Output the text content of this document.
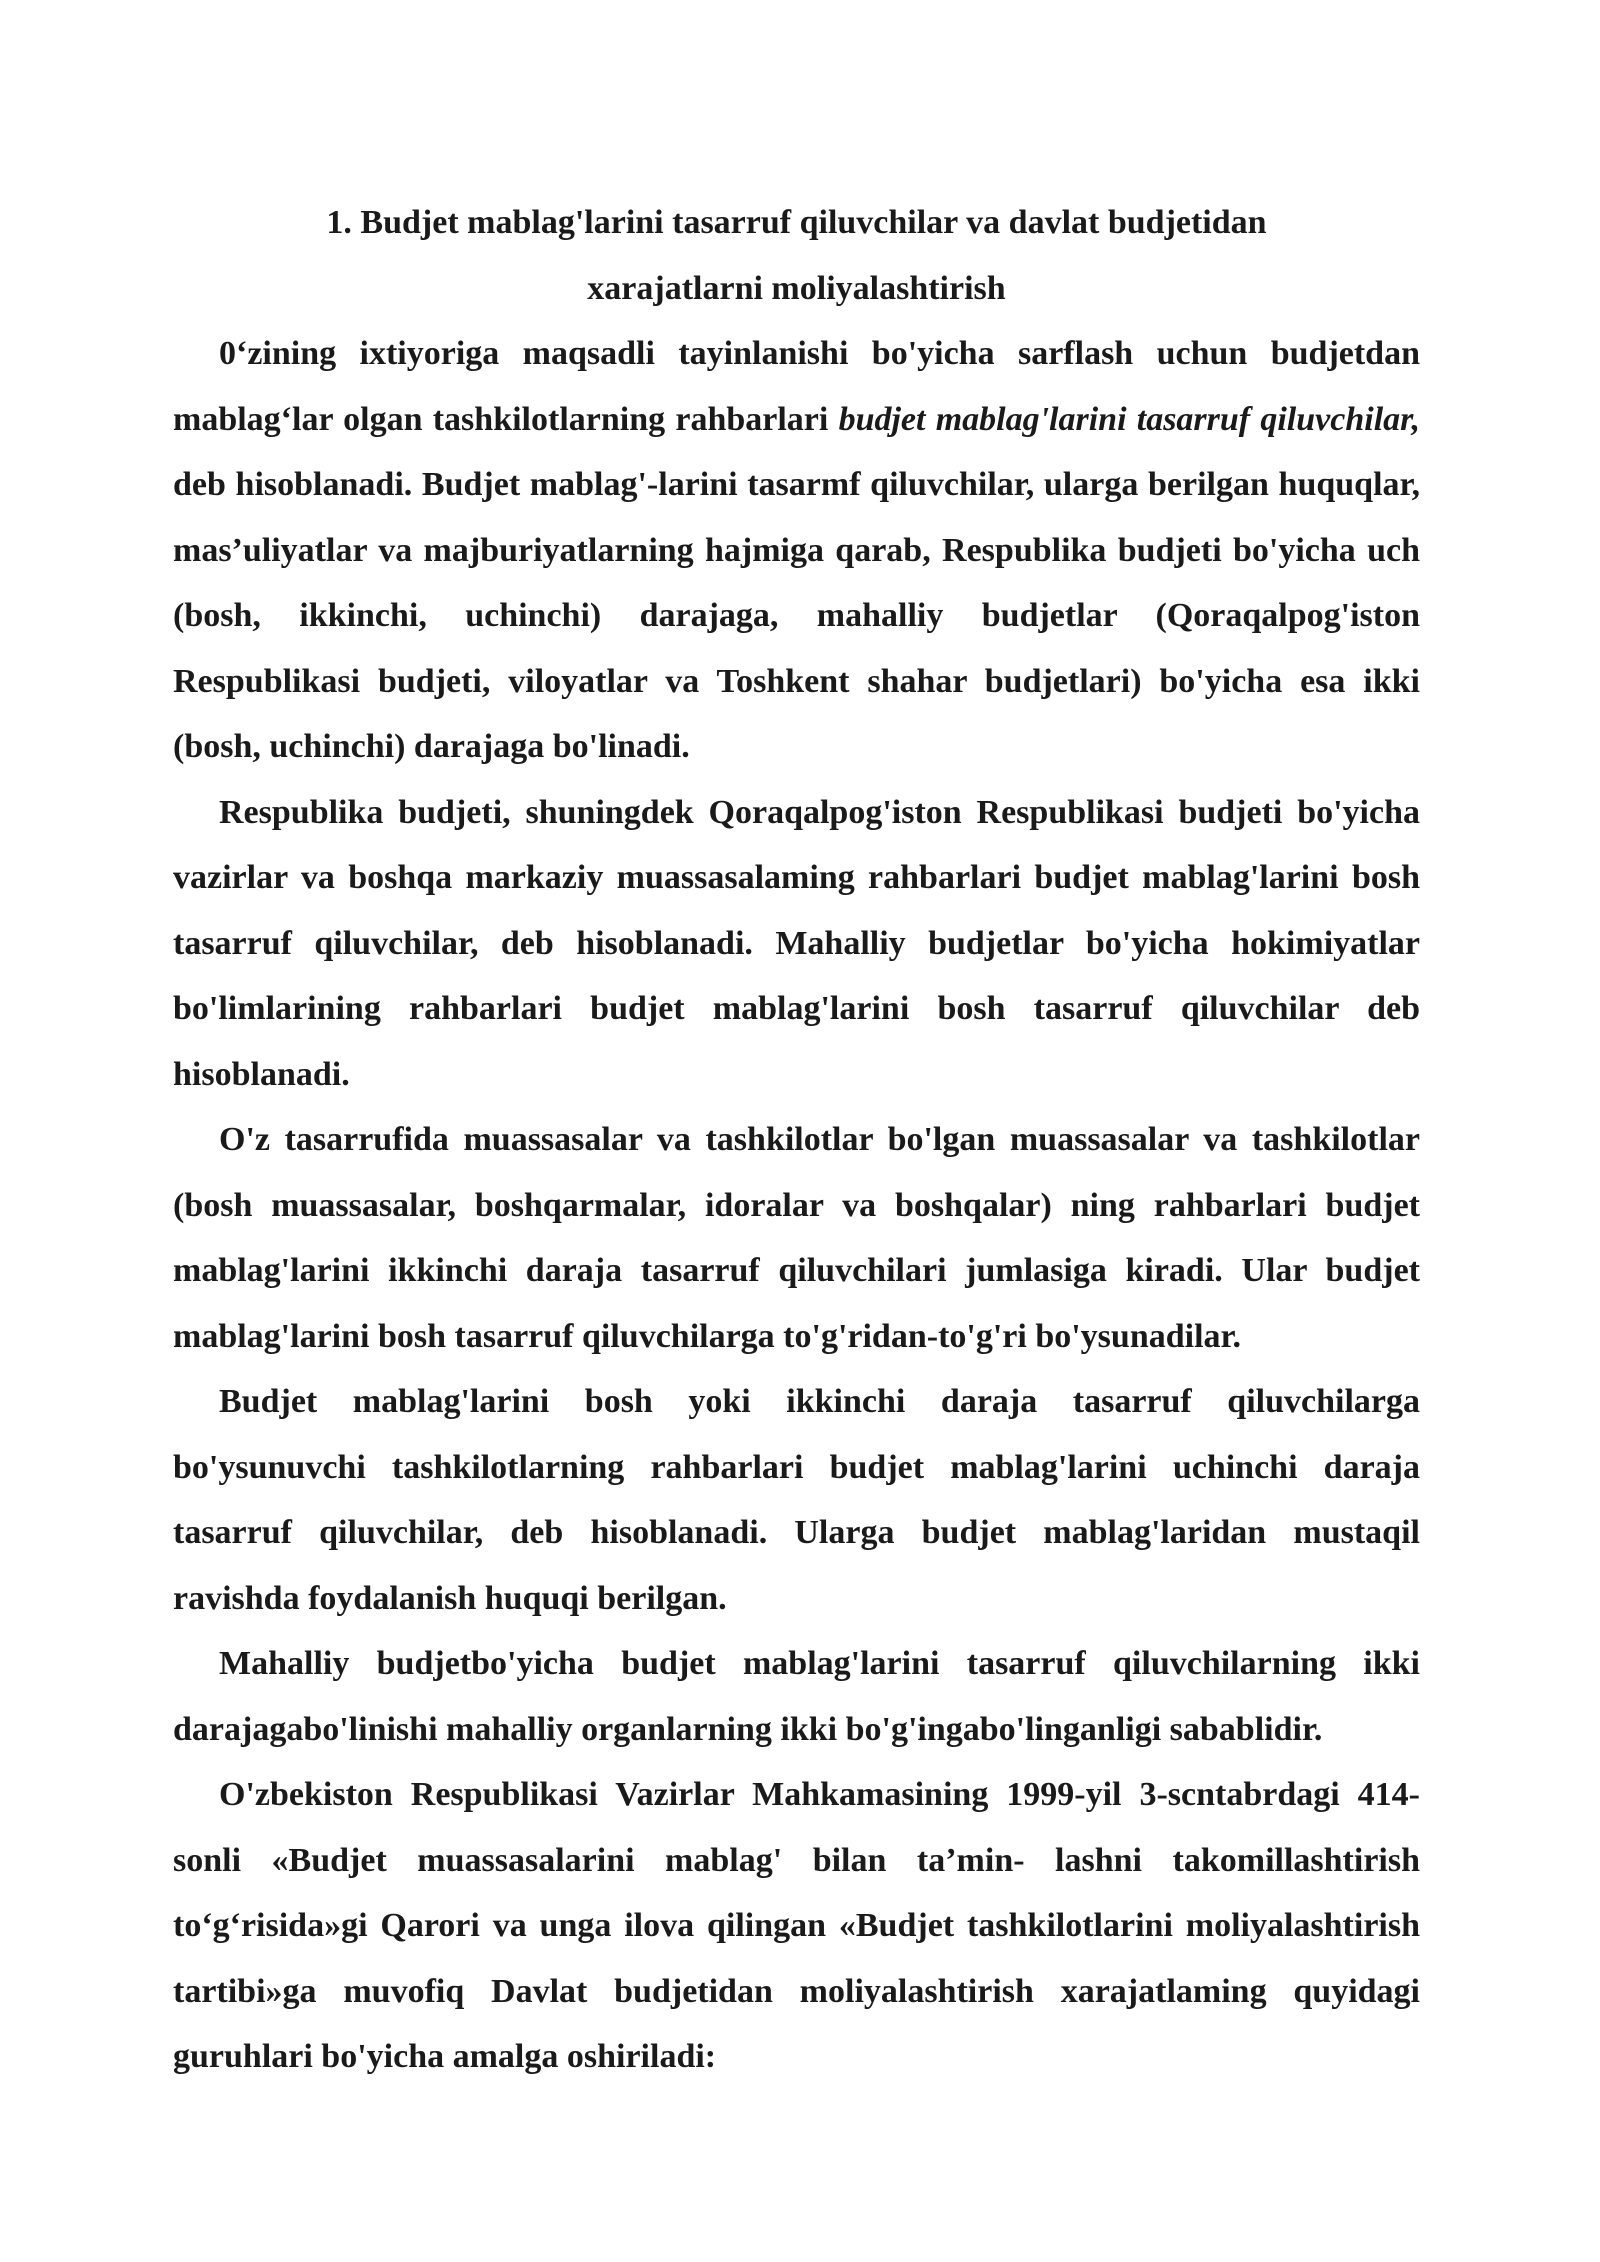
1. Budjet mablag'larini tasarruf qiluvchilar va davlat budjetidan
xarajatlarni moliyalashtirish

0‘zining ixtiyoriga maqsadli tayinlanishi bo'yicha sarflash uchun budjetdan mablag‘lar olgan tashkilotlarning rahbarlari budjet mablag'larini tasarruf qiluvchilar, deb hisoblanadi. Budjet mablag'-larini tasarmf qiluvchilar, ularga berilgan huquqlar, mas’uliyatlar va majburiyatlarning hajmiga qarab, Respublika budjeti bo'yicha uch (bosh, ikkinchi, uchinchi) darajaga, mahalliy budjetlar (Qoraqalpog'iston Respublikasi budjeti, viloyatlar va Toshkent shahar budjetlari) bo'yicha esa ikki (bosh, uchinchi) darajaga bo'linadi.

Respublika budjeti, shuningdek Qoraqalpog'iston Respublikasi budjeti bo'yicha vazirlar va boshqa markaziy muassasalaming rahbarlari budjet mablag'larini bosh tasarruf qiluvchilar, deb hisoblanadi. Mahalliy budjetlar bo'yicha hokimiyatlar bo'limlarining rahbarlari budjet mablag'larini bosh tasarruf qiluvchilar deb hisoblanadi.

O'z tasarrufida muassasalar va tashkilotlar bo'lgan muassasalar va tashkilotlar (bosh muassasalar, boshqarmalar, idoralar va boshqalar) ning rahbarlari budjet mablag'larini ikkinchi daraja tasarruf qiluvchilari jumlasiga kiradi. Ular budjet mablag'larini bosh tasarruf qiluvchilarga to'g'ridan-to'g'ri bo'ysunadilar.

Budjet mablag'larini bosh yoki ikkinchi daraja tasarruf qiluvchilarga bo'ysunuvchi tashkilotlarning rahbarlari budjet mablag'larini uchinchi daraja tasarruf qiluvchilar, deb hisoblanadi. Ularga budjet mablag'laridan mustaqil ravishda foydalanish huquqi berilgan.

Mahalliy budjetbo'yicha budjet mablag'larini tasarruf qiluvchilarning ikki darajagabo'linishi mahalliy organlarning ikki bo'g'ingabo'linganligi sabablidir.

O'zbekiston Respublikasi Vazirlar Mahkamasining 1999-yil 3-scntabrdagi 414-sonli «Budjet muassasalarini mablag' bilan ta’min- lashni takomillashtirish to‘g‘risida»gi Qarori va unga ilova qilingan «Budjet tashkilotlarini moliyalashtirish tartibi»ga muvofiq Davlat budjetidan moliyalashtirish xarajatlaming quyidagi guruhlari bo'yicha amalga oshiriladi:
